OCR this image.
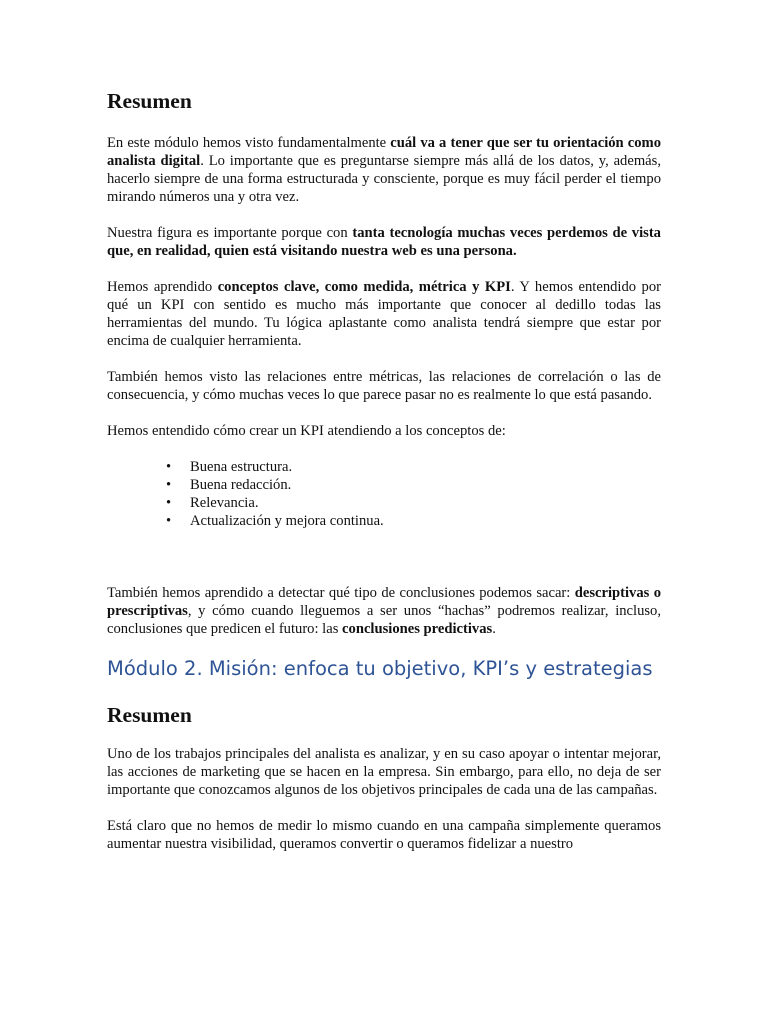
Resumen

En este módulo hemos visto fundamentalmente cuál va a tener que ser tu orientación como analista digital. Lo importante que es preguntarse siempre más allá de los datos, y, además, hacerlo siempre de una forma estructurada y consciente, porque es muy fácil perder el tiempo mirando números una y otra vez.

Nuestra figura es importante porque con tanta tecnología muchas veces perdemos de vista que, en realidad, quien está visitando nuestra web es una persona.

Hemos aprendido conceptos clave, como medida, métrica y KPI. Y hemos entendido por qué un KPI con sentido es mucho más importante que conocer al dedillo todas las herramientas del mundo. Tu lógica aplastante como analista tendrá siempre que estar por encima de cualquier herramienta.

También hemos visto las relaciones entre métricas, las relaciones de correlación o las de consecuencia, y cómo muchas veces lo que parece pasar no es realmente lo que está pasando.

Hemos entendido cómo crear un KPI atendiendo a los conceptos de:

• Buena estructura.
• Buena redacción.
• Relevancia.
• Actualización y mejora continua.

También hemos aprendido a detectar qué tipo de conclusiones podemos sacar: descriptivas o prescriptivas, y cómo cuando lleguemos a ser unos “hachas” podremos realizar, incluso, conclusiones que predicen el futuro: las conclusiones predictivas.

Módulo 2. Misión: enfoca tu objetivo, KPI’s y estrategias
Resumen

Uno de los trabajos principales del analista es analizar, y en su caso apoyar o intentar mejorar, las acciones de marketing que se hacen en la empresa. Sin embargo, para ello, no deja de ser importante que conozcamos algunos de los objetivos principales de cada una de las campañas.

Está claro que no hemos de medir lo mismo cuando en una campaña simplemente queramos aumentar nuestra visibilidad, queramos convertir o queramos fidelizar a nuestro
